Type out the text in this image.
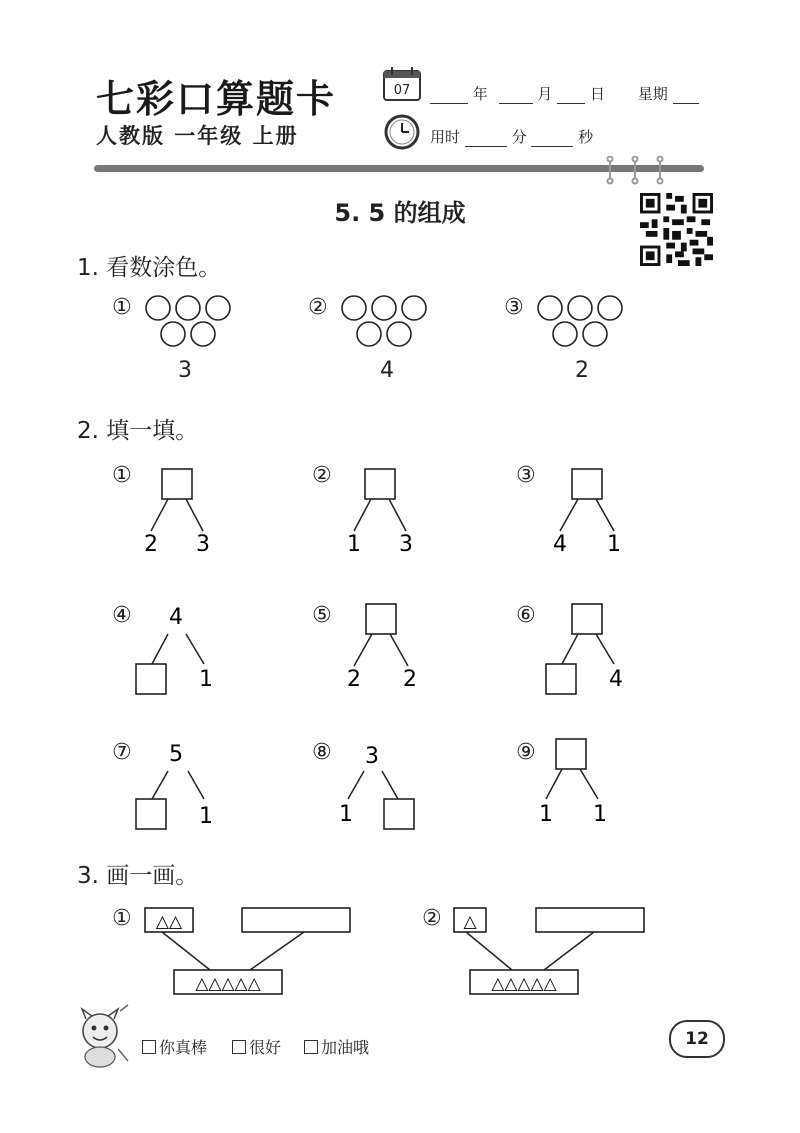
七彩口算题卡
人教版 一年级 上册
07	年	月	日 星期
用时	分	秒
5. 5 的组成
1. 看数涂色。
①
3
②
4
③
2
2. 填一填。
①
2 3
②
1 3
③
4 1
④ 4
1
⑤
2 2
⑥
4
⑦ 5
1
⑧ 3
1
⑨
1 1
3. 画一画。
① △△
△△△△△
② △
△△△△△
你真棒	很好	加油哦	12
